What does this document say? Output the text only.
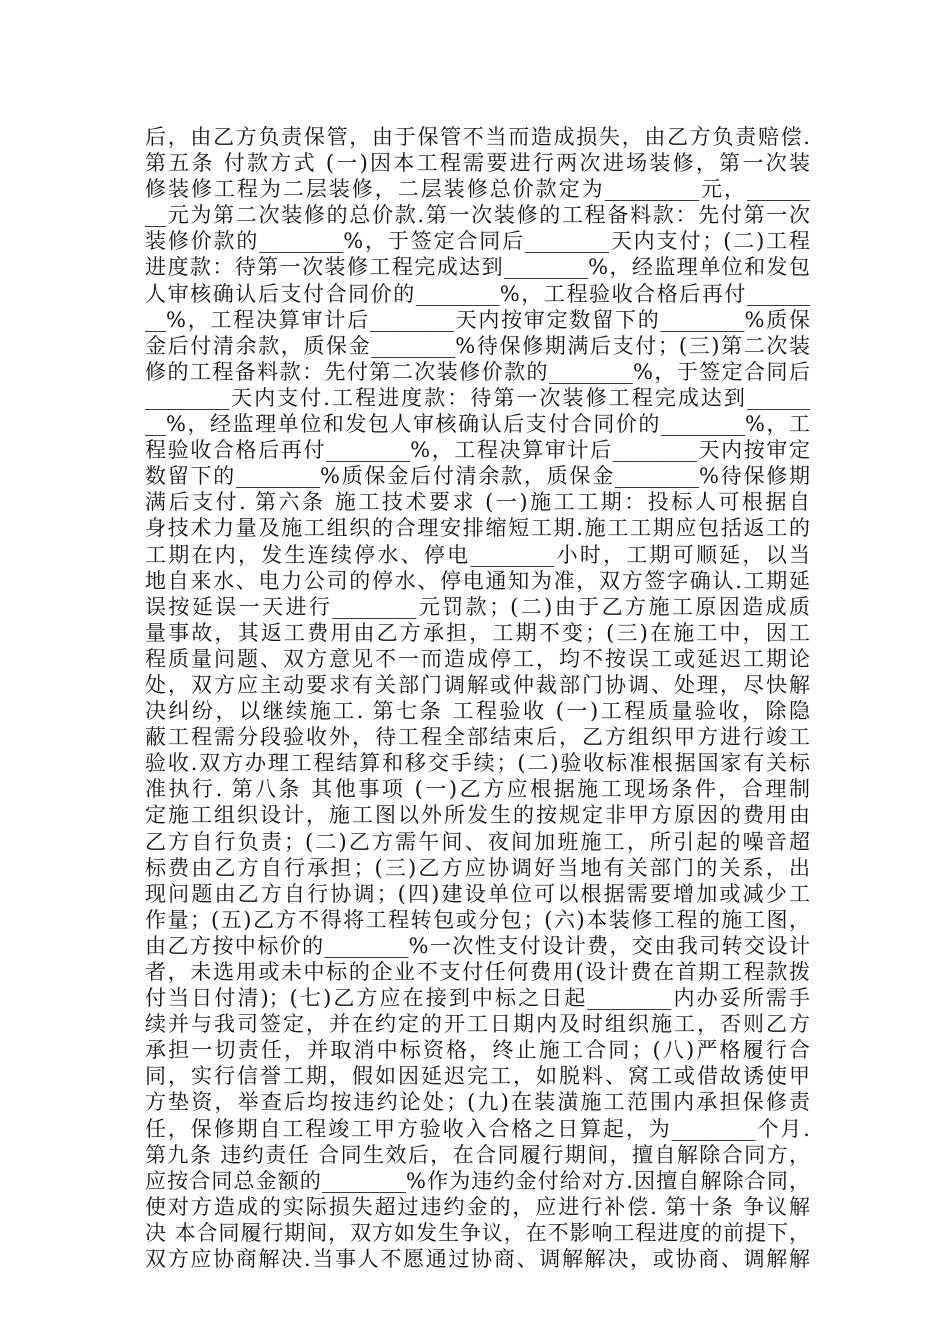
后，由乙方负责保管，由于保管不当而造成损失，由乙方负责赔偿.
第五条 付款方式 (一)因本工程需要进行两次进场装修，第一次装
修装修工程为二层装修，二层装修总价款定为_________元，______
__元为第二次装修的总价款.第一次装修的工程备料款：先付第一次
装修价款的________%，于签定合同后________天内支付；(二)工程
进度款：待第一次装修工程完成达到________%，经监理单位和发包
人审核确认后支付合同价的________%，工程验收合格后再付______
__%，工程决算审计后________天内按审定数留下的________%质保
金后付清余款，质保金________%待保修期满后支付；(三)第二次装
修的工程备料款：先付第二次装修价款的________%，于签定合同后
________天内支付.工程进度款：待第一次装修工程完成达到______
__%，经监理单位和发包人审核确认后支付合同价的________%，工
程验收合格后再付________%，工程决算审计后________天内按审定
数留下的________%质保金后付清余款，质保金________%待保修期
满后支付. 第六条 施工技术要求 (一)施工工期：投标人可根据自
身技术力量及施工组织的合理安排缩短工期.施工工期应包括返工的
工期在内，发生连续停水、停电________小时，工期可顺延，以当
地自来水、电力公司的停水、停电通知为准，双方签字确认.工期延
误按延误一天进行________元罚款；(二)由于乙方施工原因造成质
量事故，其返工费用由乙方承担，工期不变；(三)在施工中，因工
程质量问题、双方意见不一而造成停工，均不按误工或延迟工期论
处，双方应主动要求有关部门调解或仲裁部门协调、处理，尽快解
决纠纷，以继续施工. 第七条 工程验收 (一)工程质量验收，除隐
蔽工程需分段验收外，待工程全部结束后，乙方组织甲方进行竣工
验收.双方办理工程结算和移交手续；(二)验收标准根据国家有关标
准执行. 第八条 其他事项 (一)乙方应根据施工现场条件，合理制
定施工组织设计，施工图以外所发生的按规定非甲方原因的费用由
乙方自行负责；(二)乙方需午间、夜间加班施工，所引起的噪音超
标费由乙方自行承担；(三)乙方应协调好当地有关部门的关系，出
现问题由乙方自行协调；(四)建设单位可以根据需要增加或减少工
作量；(五)乙方不得将工程转包或分包；(六)本装修工程的施工图，
由乙方按中标价的________%一次性支付设计费，交由我司转交设计
者，未选用或未中标的企业不支付任何费用(设计费在首期工程款拨
付当日付清)；(七)乙方应在接到中标之日起________内办妥所需手
续并与我司签定，并在约定的开工日期内及时组织施工，否则乙方
承担一切责任，并取消中标资格，终止施工合同；(八)严格履行合
同，实行信誉工期，假如因延迟完工，如脱料、窝工或借故诱使甲
方垫资，举查后均按违约论处；(九)在装潢施工范围内承担保修责
任，保修期自工程竣工甲方验收入合格之日算起，为________个月.
第九条 违约责任 合同生效后，在合同履行期间，擅自解除合同方，
应按合同总金额的________%作为违约金付给对方.因擅自解除合同，
使对方造成的实际损失超过违约金的，应进行补偿. 第十条 争议解
决 本合同履行期间，双方如发生争议，在不影响工程进度的前提下，
双方应协商解决.当事人不愿通过协商、调解解决，或协商、调解解
